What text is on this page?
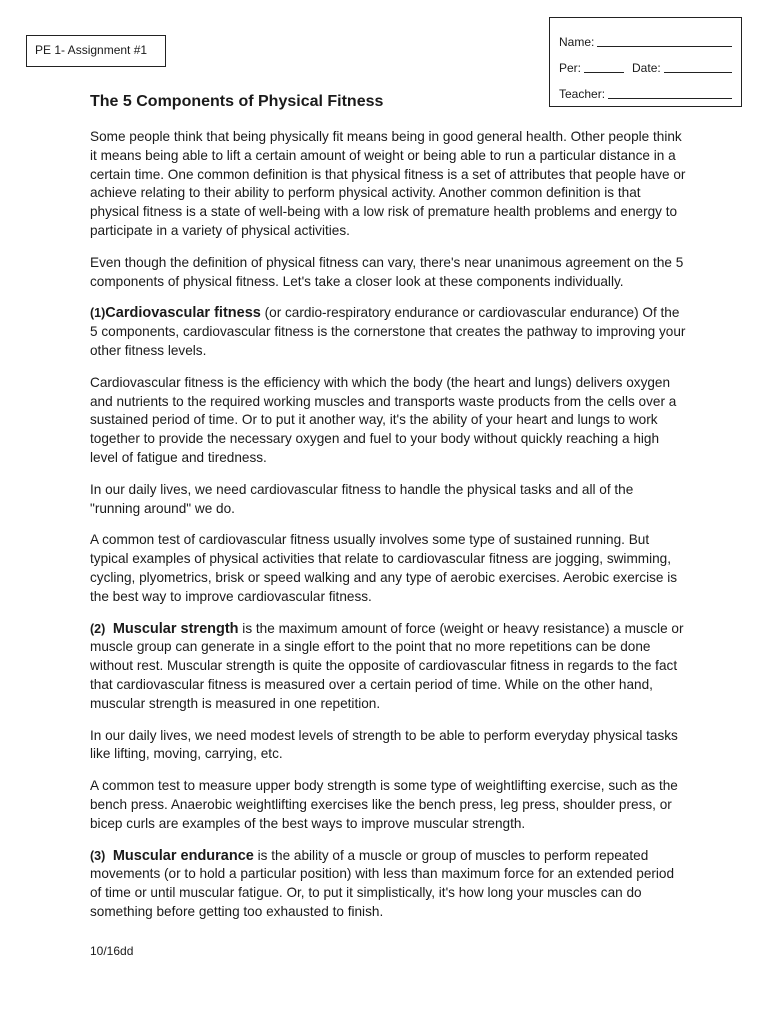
PE 1- Assignment #1
Name:
Per:	Date:
Teacher:
The 5 Components of Physical Fitness

Some people think that being physically fit means being in good general health. Other people think it means being able to lift a certain amount of weight or being able to run a particular distance in a certain time. One common definition is that physical fitness is a set of attributes that people have or achieve relating to their ability to perform physical activity. Another common definition is that physical fitness is a state of well-being with a low risk of premature health problems and energy to participate in a variety of physical activities.

Even though the definition of physical fitness can vary, there's near unanimous agreement on the 5 components of physical fitness. Let's take a closer look at these components individually.

(1)Cardiovascular fitness (or cardio-respiratory endurance or cardiovascular endurance) Of the 5 components, cardiovascular fitness is the cornerstone that creates the pathway to improving your other fitness levels.

Cardiovascular fitness is the efficiency with which the body (the heart and lungs) delivers oxygen and nutrients to the required working muscles and transports waste products from the cells over a sustained period of time. Or to put it another way, it's the ability of your heart and lungs to work together to provide the necessary oxygen and fuel to your body without quickly reaching a high level of fatigue and tiredness.

In our daily lives, we need cardiovascular fitness to handle the physical tasks and all of the "running around" we do.

A common test of cardiovascular fitness usually involves some type of sustained running. But typical examples of physical activities that relate to cardiovascular fitness are jogging, swimming, cycling, plyometrics, brisk or speed walking and any type of aerobic exercises. Aerobic exercise is the best way to improve cardiovascular fitness.

(2) Muscular strength is the maximum amount of force (weight or heavy resistance) a muscle or muscle group can generate in a single effort to the point that no more repetitions can be done without rest. Muscular strength is quite the opposite of cardiovascular fitness in regards to the fact that cardiovascular fitness is measured over a certain period of time. While on the other hand, muscular strength is measured in one repetition.

In our daily lives, we need modest levels of strength to be able to perform everyday physical tasks like lifting, moving, carrying, etc.

A common test to measure upper body strength is some type of weightlifting exercise, such as the bench press. Anaerobic weightlifting exercises like the bench press, leg press, shoulder press, or bicep curls are examples of the best ways to improve muscular strength.

(3) Muscular endurance is the ability of a muscle or group of muscles to perform repeated movements (or to hold a particular position) with less than maximum force for an extended period of time or until muscular fatigue. Or, to put it simplistically, it's how long your muscles can do something before getting too exhausted to finish.

10/16dd
